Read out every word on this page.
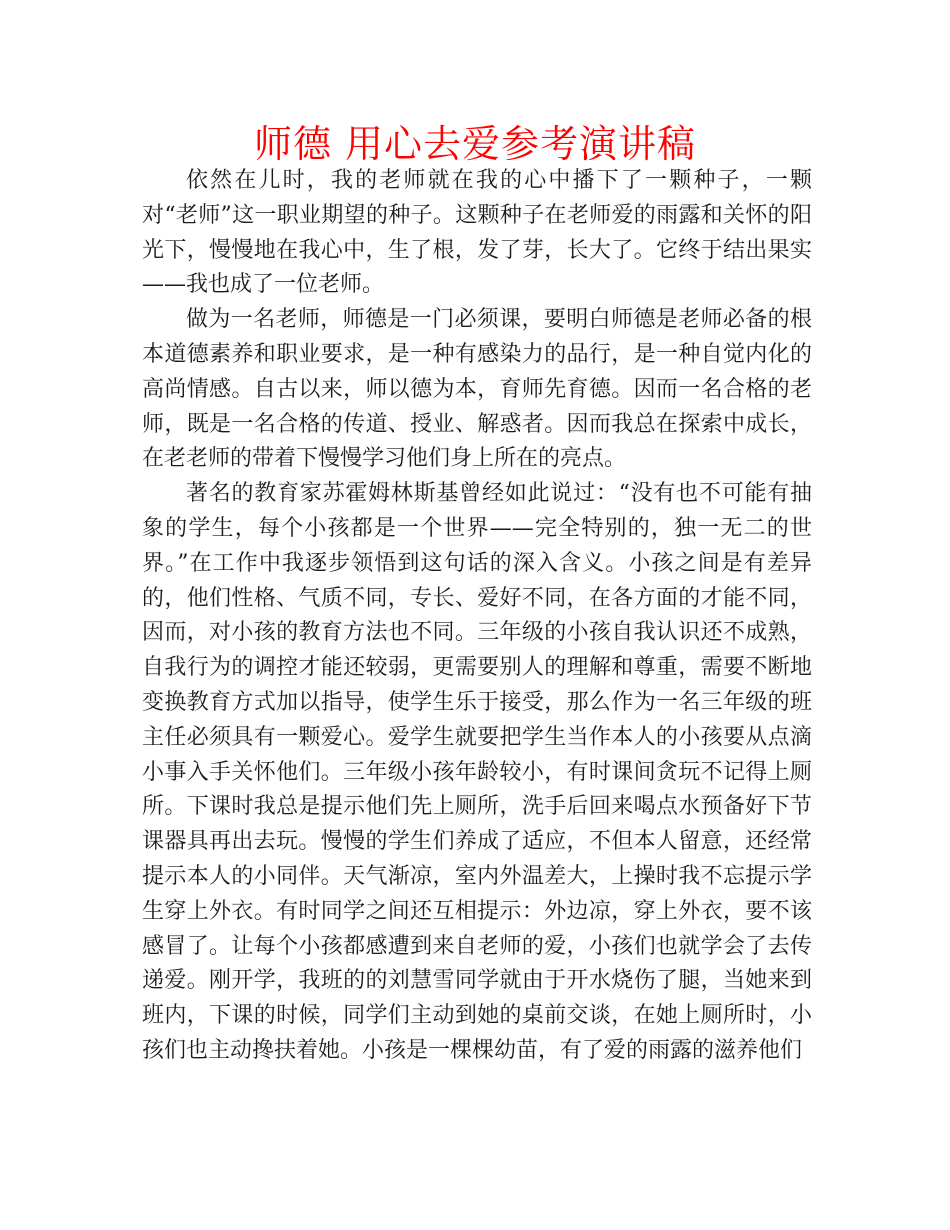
师德 用心去爱参考演讲稿

依然在儿时，我的老师就在我的心中播下了一颗种子，一颗对“老师”这一职业期望的种子。这颗种子在老师爱的雨露和关怀的阳光下，慢慢地在我心中，生了根，发了芽，长大了。它终于结出果实——我也成了一位老师。

做为一名老师，师德是一门必须课，要明白师德是老师必备的根本道德素养和职业要求，是一种有感染力的品行，是一种自觉内化的高尚情感。自古以来，师以德为本，育师先育德。因而一名合格的老师，既是一名合格的传道、授业、解惑者。因而我总在探索中成长，在老老师的带着下慢慢学习他们身上所在的亮点。

著名的教育家苏霍姆林斯基曾经如此说过：“没有也不可能有抽象的学生，每个小孩都是一个世界——完全特别的，独一无二的世界。”在工作中我逐步领悟到这句话的深入含义。小孩之间是有差异的，他们性格、气质不同，专长、爱好不同，在各方面的才能不同，因而，对小孩的教育方法也不同。三年级的小孩自我认识还不成熟，自我行为的调控才能还较弱，更需要别人的理解和尊重，需要不断地变换教育方式加以指导，使学生乐于接受，那么作为一名三年级的班主任必须具有一颗爱心。爱学生就要把学生当作本人的小孩要从点滴小事入手关怀他们。三年级小孩年龄较小，有时课间贪玩不记得上厕所。下课时我总是提示他们先上厕所，洗手后回来喝点水预备好下节课器具再出去玩。慢慢的学生们养成了适应，不但本人留意，还经常提示本人的小同伴。天气渐凉，室内外温差大，上操时我不忘提示学生穿上外衣。有时同学之间还互相提示：外边凉，穿上外衣，要不该感冒了。让每个小孩都感遭到来自老师的爱，小孩们也就学会了去传递爱。刚开学，我班的的刘慧雪同学就由于开水烧伤了腿，当她来到班内，下课的时候，同学们主动到她的桌前交谈，在她上厕所时，小孩们也主动搀扶着她。小孩是一棵棵幼苗，有了爱的雨露的滋养他们
